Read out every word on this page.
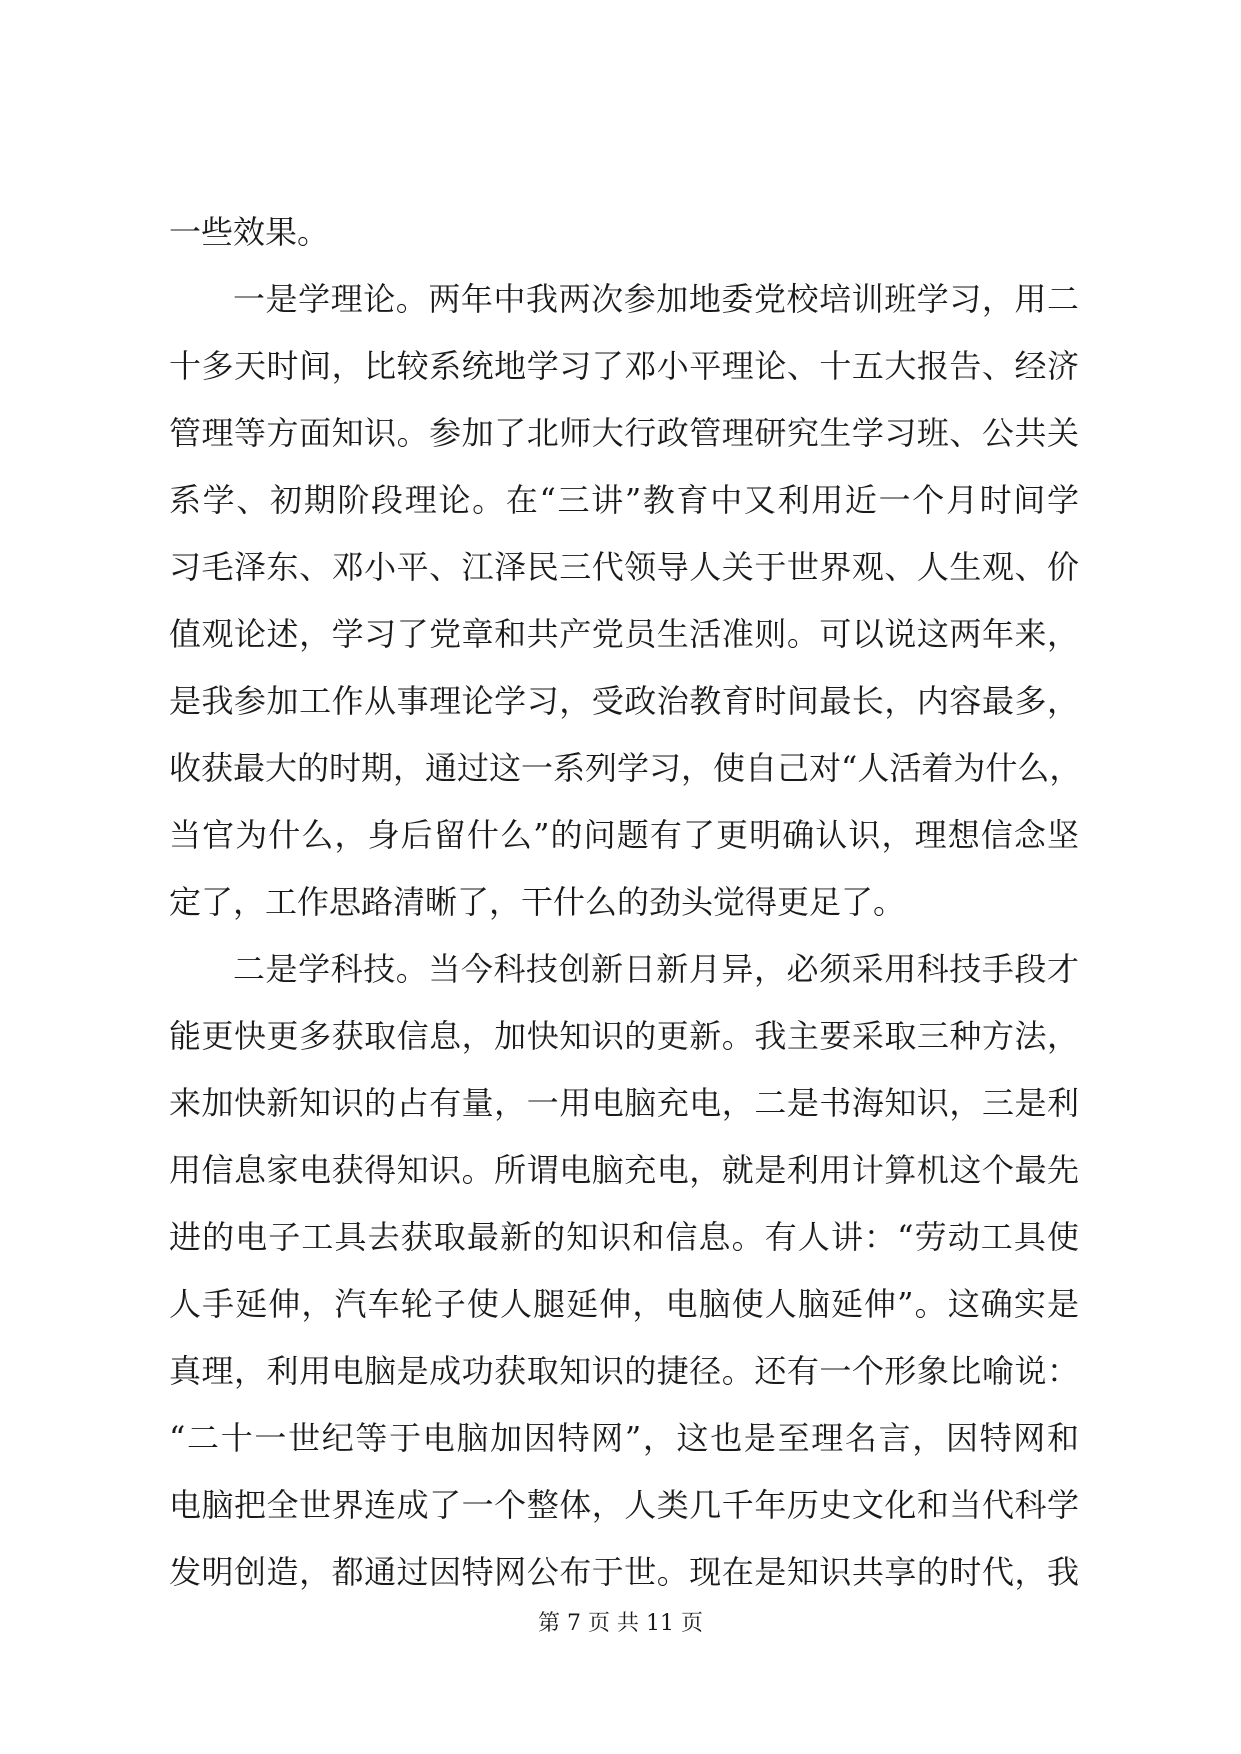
一些效果。
一是学理论。两年中我两次参加地委党校培训班学习，用二
十多天时间，比较系统地学习了邓小平理论、十五大报告、经济
管理等方面知识。参加了北师大行政管理研究生学习班、公共关
系学、初期阶段理论。在“三讲”教育中又利用近一个月时间学
习毛泽东、邓小平、江泽民三代领导人关于世界观、人生观、价
值观论述，学习了党章和共产党员生活准则。可以说这两年来，
是我参加工作从事理论学习，受政治教育时间最长，内容最多，
收获最大的时期，通过这一系列学习，使自己对“人活着为什么，
当官为什么，身后留什么”的问题有了更明确认识，理想信念坚
定了，工作思路清晰了，干什么的劲头觉得更足了。
二是学科技。当今科技创新日新月异，必须采用科技手段才
能更快更多获取信息，加快知识的更新。我主要采取三种方法，
来加快新知识的占有量，一用电脑充电，二是书海知识，三是利
用信息家电获得知识。所谓电脑充电，就是利用计算机这个最先
进的电子工具去获取最新的知识和信息。有人讲：“劳动工具使
人手延伸，汽车轮子使人腿延伸，电脑使人脑延伸”。这确实是
真理，利用电脑是成功获取知识的捷径。还有一个形象比喻说：
“二十一世纪等于电脑加因特网”，这也是至理名言，因特网和
电脑把全世界连成了一个整体，人类几千年历史文化和当代科学
发明创造，都通过因特网公布于世。现在是知识共享的时代，我
第 7 页 共 11 页
